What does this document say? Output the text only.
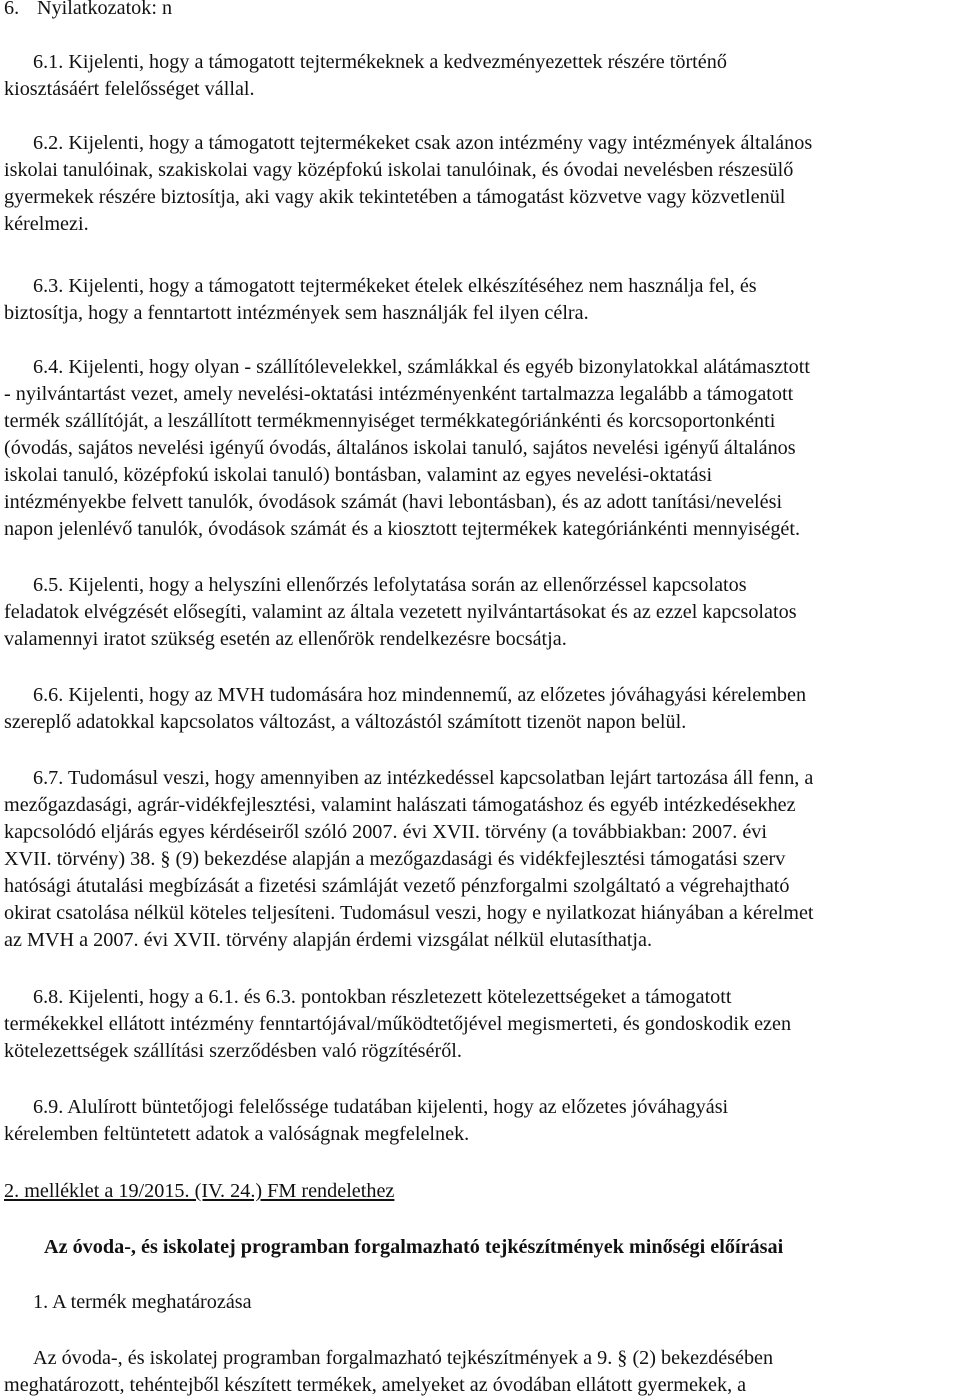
6. Nyilatkozatok: n
6.1. Kijelenti, hogy a támogatott tejtermékeknek a kedvezményezettek részére történő
kiosztásáért felelősséget vállal.
6.2. Kijelenti, hogy a támogatott tejtermékeket csak azon intézmény vagy intézmények általános
iskolai tanulóinak, szakiskolai vagy középfokú iskolai tanulóinak, és óvodai nevelésben részesülő
gyermekek részére biztosítja, aki vagy akik tekintetében a támogatást közvetve vagy közvetlenül
kérelmezi.
6.3. Kijelenti, hogy a támogatott tejtermékeket ételek elkészítéséhez nem használja fel, és
biztosítja, hogy a fenntartott intézmények sem használják fel ilyen célra.
6.4. Kijelenti, hogy olyan - szállítólevelekkel, számlákkal és egyéb bizonylatokkal alátámasztott
- nyilvántartást vezet, amely nevelési-oktatási intézményenként tartalmazza legalább a támogatott
termék szállítóját, a leszállított termékmennyiséget termékkategóriánkénti és korcsoportonkénti
(óvodás, sajátos nevelési igényű óvodás, általános iskolai tanuló, sajátos nevelési igényű általános
iskolai tanuló, középfokú iskolai tanuló) bontásban, valamint az egyes nevelési-oktatási
intézményekbe felvett tanulók, óvodások számát (havi lebontásban), és az adott tanítási/nevelési
napon jelenlévő tanulók, óvodások számát és a kiosztott tejtermékek kategóriánkénti mennyiségét.
6.5. Kijelenti, hogy a helyszíni ellenőrzés lefolytatása során az ellenőrzéssel kapcsolatos
feladatok elvégzését elősegíti, valamint az általa vezetett nyilvántartásokat és az ezzel kapcsolatos
valamennyi iratot szükség esetén az ellenőrök rendelkezésre bocsátja.
6.6. Kijelenti, hogy az MVH tudomására hoz mindennemű, az előzetes jóváhagyási kérelemben
szereplő adatokkal kapcsolatos változást, a változástól számított tizenöt napon belül.
6.7. Tudomásul veszi, hogy amennyiben az intézkedéssel kapcsolatban lejárt tartozása áll fenn, a
mezőgazdasági, agrár-vidékfejlesztési, valamint halászati támogatáshoz és egyéb intézkedésekhez
kapcsolódó eljárás egyes kérdéseiről szóló 2007. évi XVII. törvény (a továbbiakban: 2007. évi
XVII. törvény) 38. § (9) bekezdése alapján a mezőgazdasági és vidékfejlesztési támogatási szerv
hatósági átutalási megbízását a fizetési számláját vezető pénzforgalmi szolgáltató a végrehajtható
okirat csatolása nélkül köteles teljesíteni. Tudomásul veszi, hogy e nyilatkozat hiányában a kérelmet
az MVH a 2007. évi XVII. törvény alapján érdemi vizsgálat nélkül elutasíthatja.
6.8. Kijelenti, hogy a 6.1. és 6.3. pontokban részletezett kötelezettségeket a támogatott
termékekkel ellátott intézmény fenntartójával/működtetőjével megismerteti, és gondoskodik ezen
kötelezettségek szállítási szerződésben való rögzítéséről.
6.9. Alulírott büntetőjogi felelőssége tudatában kijelenti, hogy az előzetes jóváhagyási
kérelemben feltüntetett adatok a valóságnak megfelelnek.
2. melléklet a 19/2015. (IV. 24.) FM rendelethez
Az óvoda-, és iskolatej programban forgalmazható tejkészítmények minőségi előírásai
1. A termék meghatározása
Az óvoda-, és iskolatej programban forgalmazható tejkészítmények a 9. § (2) bekezdésében
meghatározott, tehéntejből készített termékek, amelyeket az óvodában ellátott gyermekek, a
